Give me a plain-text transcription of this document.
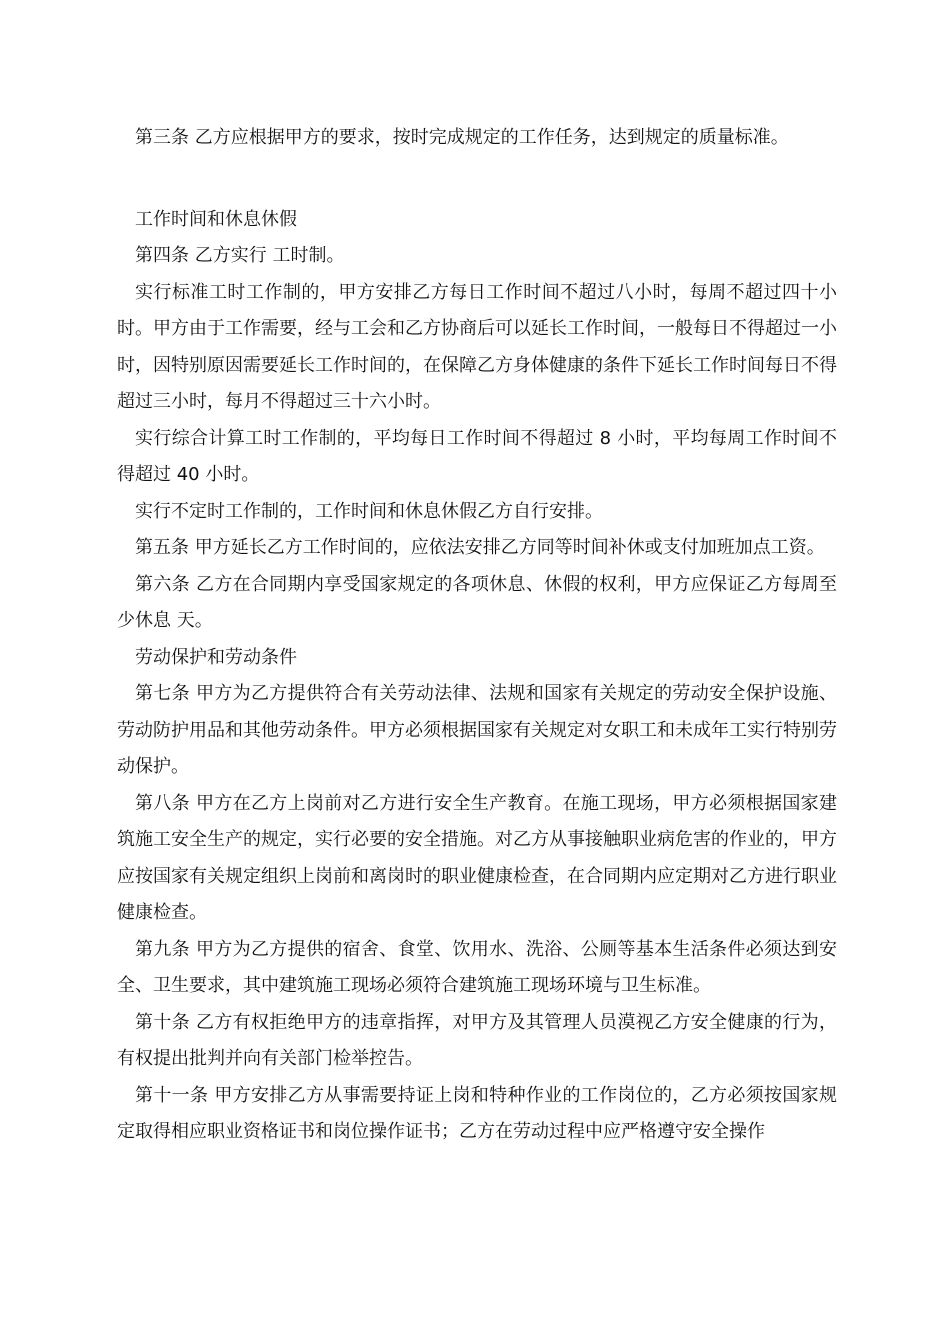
第三条 乙方应根据甲方的要求，按时完成规定的工作任务，达到规定的质量标准。

工作时间和休息休假

第四条 乙方实行 工时制。

实行标准工时工作制的，甲方安排乙方每日工作时间不超过八小时，每周不超过四十小时。甲方由于工作需要，经与工会和乙方协商后可以延长工作时间，一般每日不得超过一小时，因特别原因需要延长工作时间的，在保障乙方身体健康的条件下延长工作时间每日不得超过三小时，每月不得超过三十六小时。

实行综合计算工时工作制的，平均每日工作时间不得超过 8 小时，平均每周工作时间不得超过 40 小时。

实行不定时工作制的，工作时间和休息休假乙方自行安排。

第五条 甲方延长乙方工作时间的，应依法安排乙方同等时间补休或支付加班加点工资。

第六条 乙方在合同期内享受国家规定的各项休息、休假的权利，甲方应保证乙方每周至少休息 天。

劳动保护和劳动条件

第七条 甲方为乙方提供符合有关劳动法律、法规和国家有关规定的劳动安全保护设施、劳动防护用品和其他劳动条件。甲方必须根据国家有关规定对女职工和未成年工实行特别劳动保护。

第八条 甲方在乙方上岗前对乙方进行安全生产教育。在施工现场，甲方必须根据国家建筑施工安全生产的规定，实行必要的安全措施。对乙方从事接触职业病危害的作业的，甲方应按国家有关规定组织上岗前和离岗时的职业健康检查，在合同期内应定期对乙方进行职业健康检查。

第九条 甲方为乙方提供的宿舍、食堂、饮用水、洗浴、公厕等基本生活条件必须达到安全、卫生要求，其中建筑施工现场必须符合建筑施工现场环境与卫生标准。

第十条 乙方有权拒绝甲方的违章指挥，对甲方及其管理人员漠视乙方安全健康的行为，有权提出批判并向有关部门检举控告。

第十一条 甲方安排乙方从事需要持证上岗和特种作业的工作岗位的，乙方必须按国家规定取得相应职业资格证书和岗位操作证书；乙方在劳动过程中应严格遵守安全操作
